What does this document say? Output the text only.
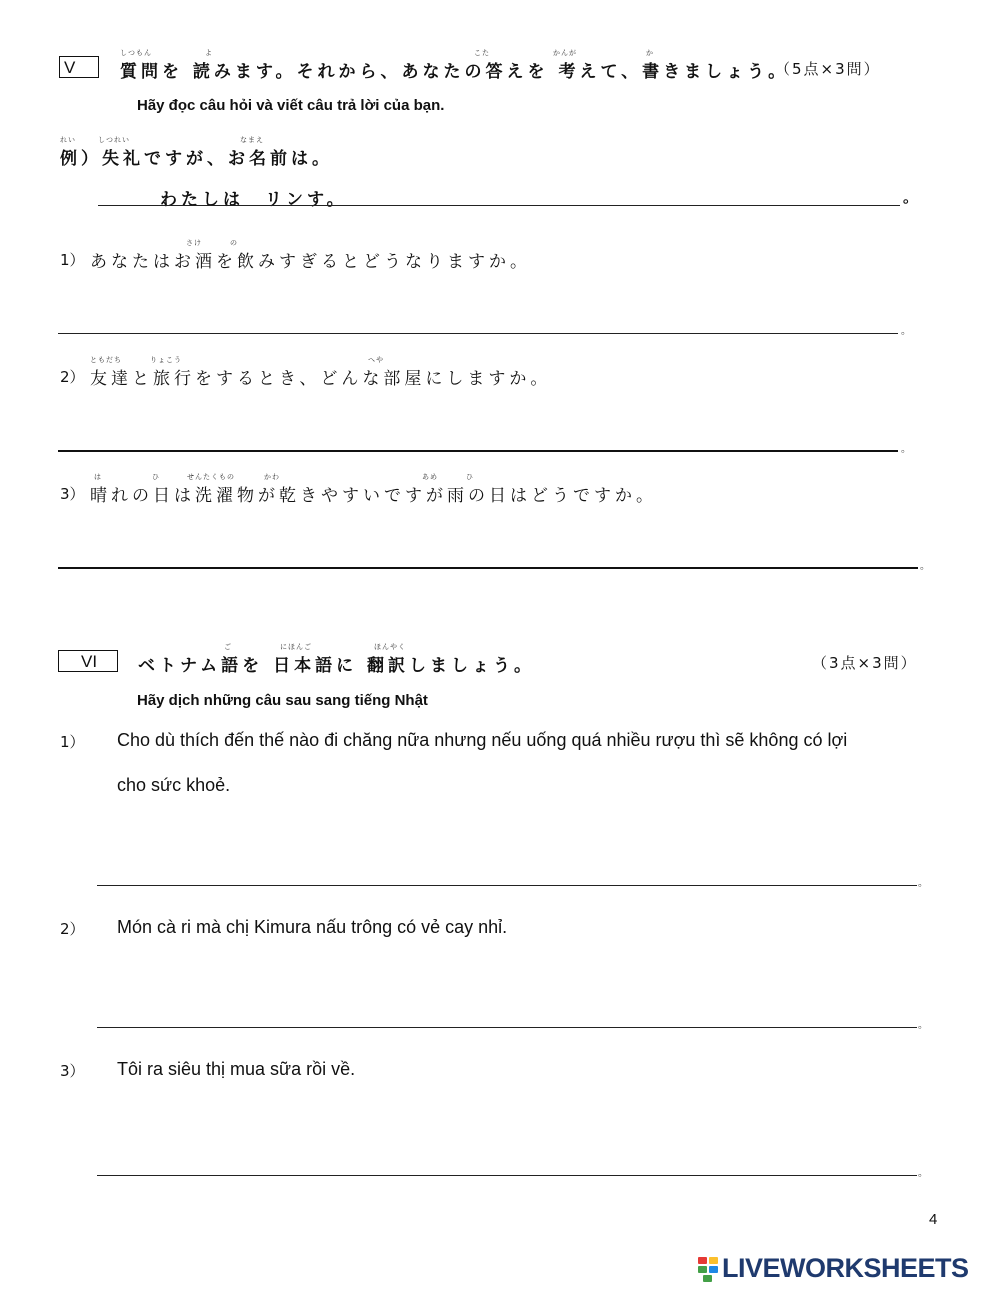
V
しつもん	よ	こた	かんが	か
質問を 読みます。それから、あなたの答えを 考えて、書きましょう。
（5点×3問）
Hãy đọc câu hỏi và viết câu trả lời của bạn.
れい	しつれい	なまえ
例）失礼ですが、お名前は。
わたしは　リンす。	。
さけ	の
1） あなたはお酒を飲みすぎるとどうなりますか。
。
ともだち	りょこう	へや
2） 友達と旅行をするとき、どんな部屋にしますか。
。
は	ひ	せんたくもの	かわ	あめ	ひ
3） 晴れの日は洗濯物が乾きやすいですが雨の日はどうですか。
。
VI
ご	にほんご	ほんやく
ベトナム語を 日本語に 翻訳しましょう。	（3点×3問）
Hãy dịch những câu sau sang tiếng Nhật
1） Cho dù thích đến thế nào đi chăng nữa nhưng nếu uống quá nhiều rượu thì sẽ không có lợi
cho sức khoẻ.
。
2） Món cà ri mà chị Kimura nấu trông có vẻ cay nhỉ.
。
3） Tôi ra siêu thị mua sữa rồi về.
。
4
LIVEWORKSHEETS
